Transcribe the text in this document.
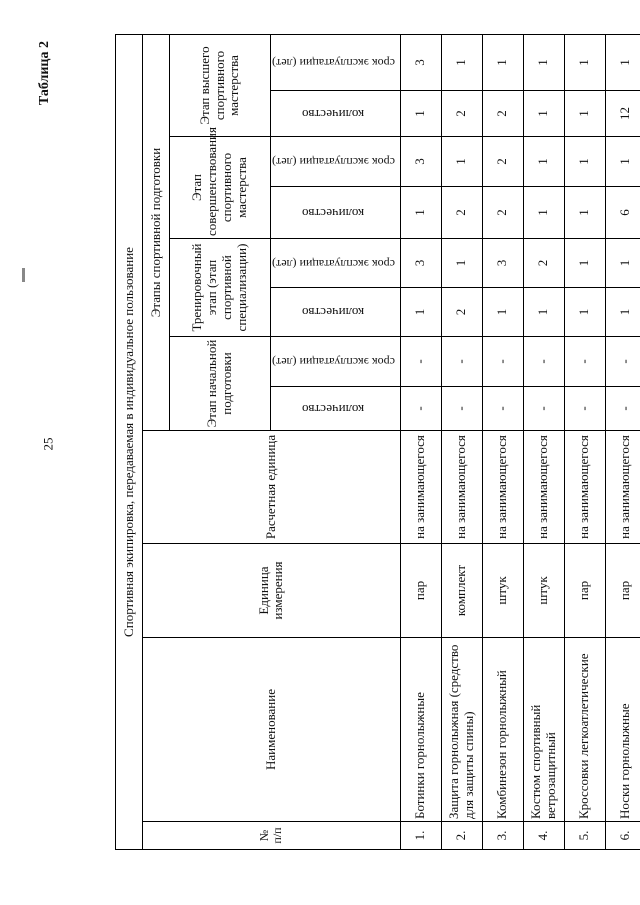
25
Таблица 2
Спортивная экипировка, передаваемая в индивидуальное пользование											
№ п/п	Наименование	Единица измерения	Расчетная единица	Этапы спортивной подготовки							
				Этап начальной подготовки		Тренировочный этап (этап спортивной специализации)		Этап совершенствования спортивного мастерства		Этап высшего спортивного мастерства	
				количество	срок эксплуатации (лет)	количество	срок эксплуатации (лет)	количество	срок эксплуатации (лет)	количество	срок эксплуатации (лет)
1.	Ботинки горнолыжные	пар	на занимающегося	-	-	1	3	1	3	1	3
2.	Защита горнолыжная (средство для защиты спины)	комплект	на занимающегося	-	-	2	1	2	1	2	1
3.	Комбинезон горнолыжный	штук	на занимающегося	-	-	1	3	2	2	2	1
4.	Костюм спортивный ветрозащитный	штук	на занимающегося	-	-	1	2	1	1	1	1
5.	Кроссовки легкоатлетические	пар	на занимающегося	-	-	1	1	1	1	1	1
6.	Носки горнолыжные	пар	на занимающегося	-	-	1	1	6	1	12	1
